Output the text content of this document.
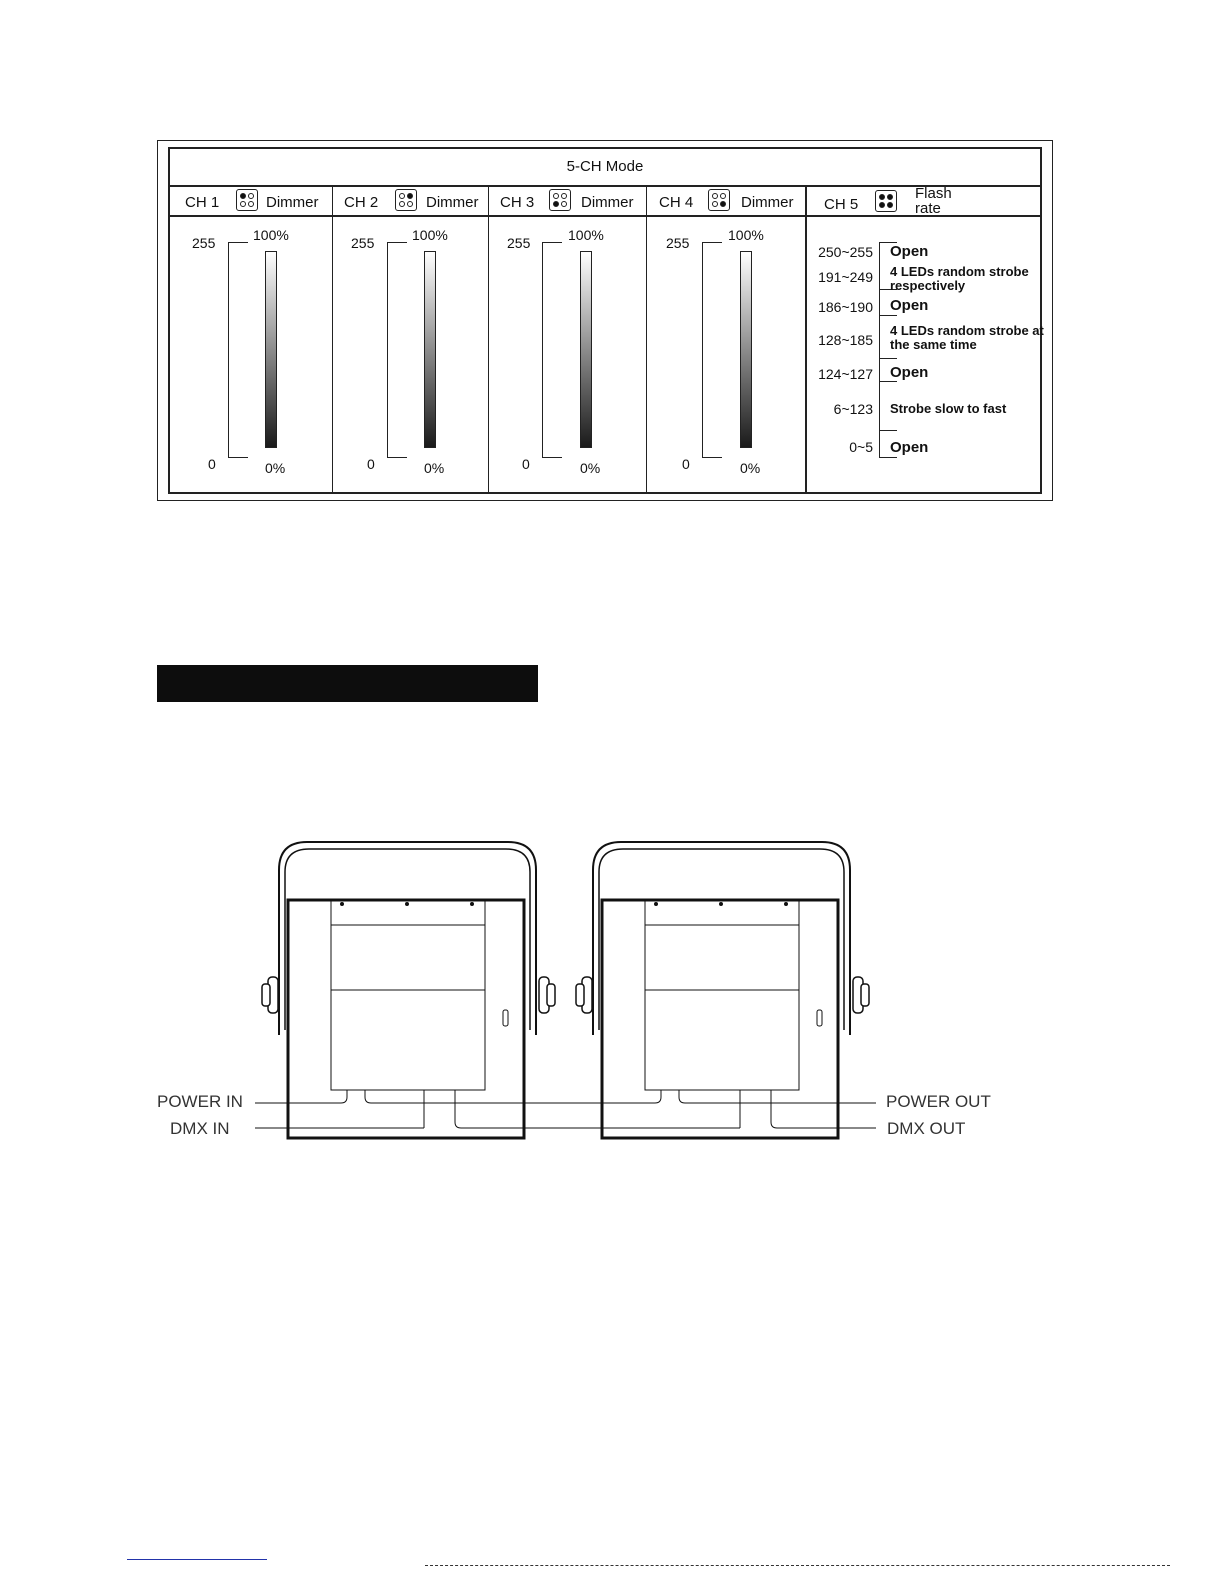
5-CH Mode
CH 1	Dimmer
255
0
100%
0%
CH 2	Dimmer
255
0
100%
0%
CH 3	Dimmer
255
0
100%
0%
CH 4	Dimmer
255
0
100%
0%
CH 5
Flash
rate
250~255 Open
191~249 4 LEDs random strobe respectively
186~190 Open
128~185
4 LEDs random strobe at the same time
124~127 Open
6~123 Strobe slow to fast
0~5 Open
POWER IN
DMX IN
POWER OUT
DMX OUT
